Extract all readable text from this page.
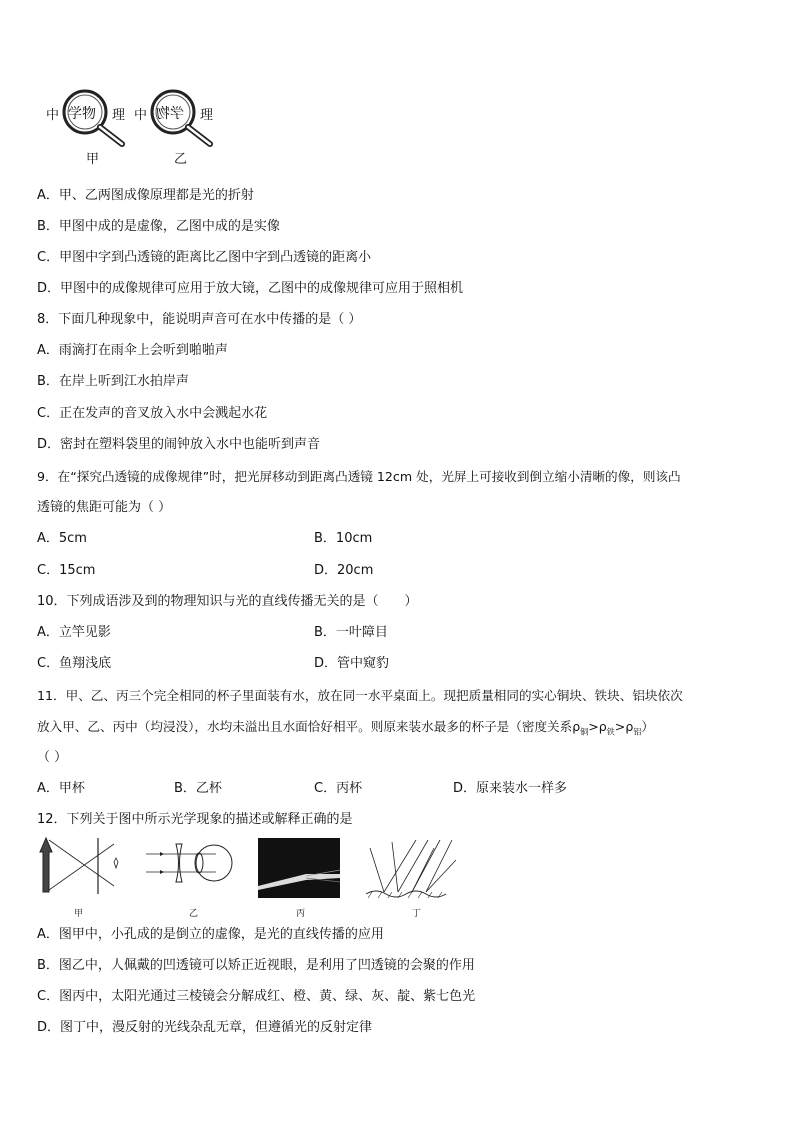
中 学物 理
甲
中 学物 理
乙
A．甲、乙两图成像原理都是光的折射
B．甲图中成的是虚像，乙图中成的是实像
C．甲图中字到凸透镜的距离比乙图中字到凸透镜的距离小
D．甲图中的成像规律可应用于放大镜，乙图中的成像规律可应用于照相机
8．下面几种现象中，能说明声音可在水中传播的是（ ）
A．雨滴打在雨伞上会听到啪啪声
B．在岸上听到江水拍岸声
C．正在发声的音叉放入水中会溅起水花
D．密封在塑料袋里的闹钟放入水中也能听到声音
9．在“探究凸透镜的成像规律”时，把光屏移动到距离凸透镜 12cm 处，光屏上可接收到倒立缩小清晰的像，则该凸
透镜的焦距可能为（ ）
A．5cm	B．10cm
C．15cm	D．20cm
10．下列成语涉及到的物理知识与光的直线传播无关的是（　　）
A．立竿见影	B．一叶障目
C．鱼翔浅底	D．管中窥豹
11．甲、乙、丙三个完全相同的杯子里面装有水，放在同一水平桌面上。现把质量相同的实心铜块、铁块、铝块依次
放入甲、乙、丙中（均浸没），水均未溢出且水面恰好相平。则原来装水最多的杯子是（密度关系$\rho_铜>\rho_铁>\rho_铝$）
（ ）
A．甲杯	B．乙杯	C．丙杯	D．原来装水一样多
12．下列关于图中所示光学现象的描述或解释正确的是
甲	乙	丙	丁
A．图甲中，小孔成的是倒立的虚像，是光的直线传播的应用
B．图乙中，人佩戴的凹透镜可以矫正近视眼，是利用了凹透镜的会聚的作用
C．图丙中，太阳光通过三棱镜会分解成红、橙、黄、绿、灰、靛、紫七色光
D．图丁中，漫反射的光线杂乱无章，但遵循光的反射定律
